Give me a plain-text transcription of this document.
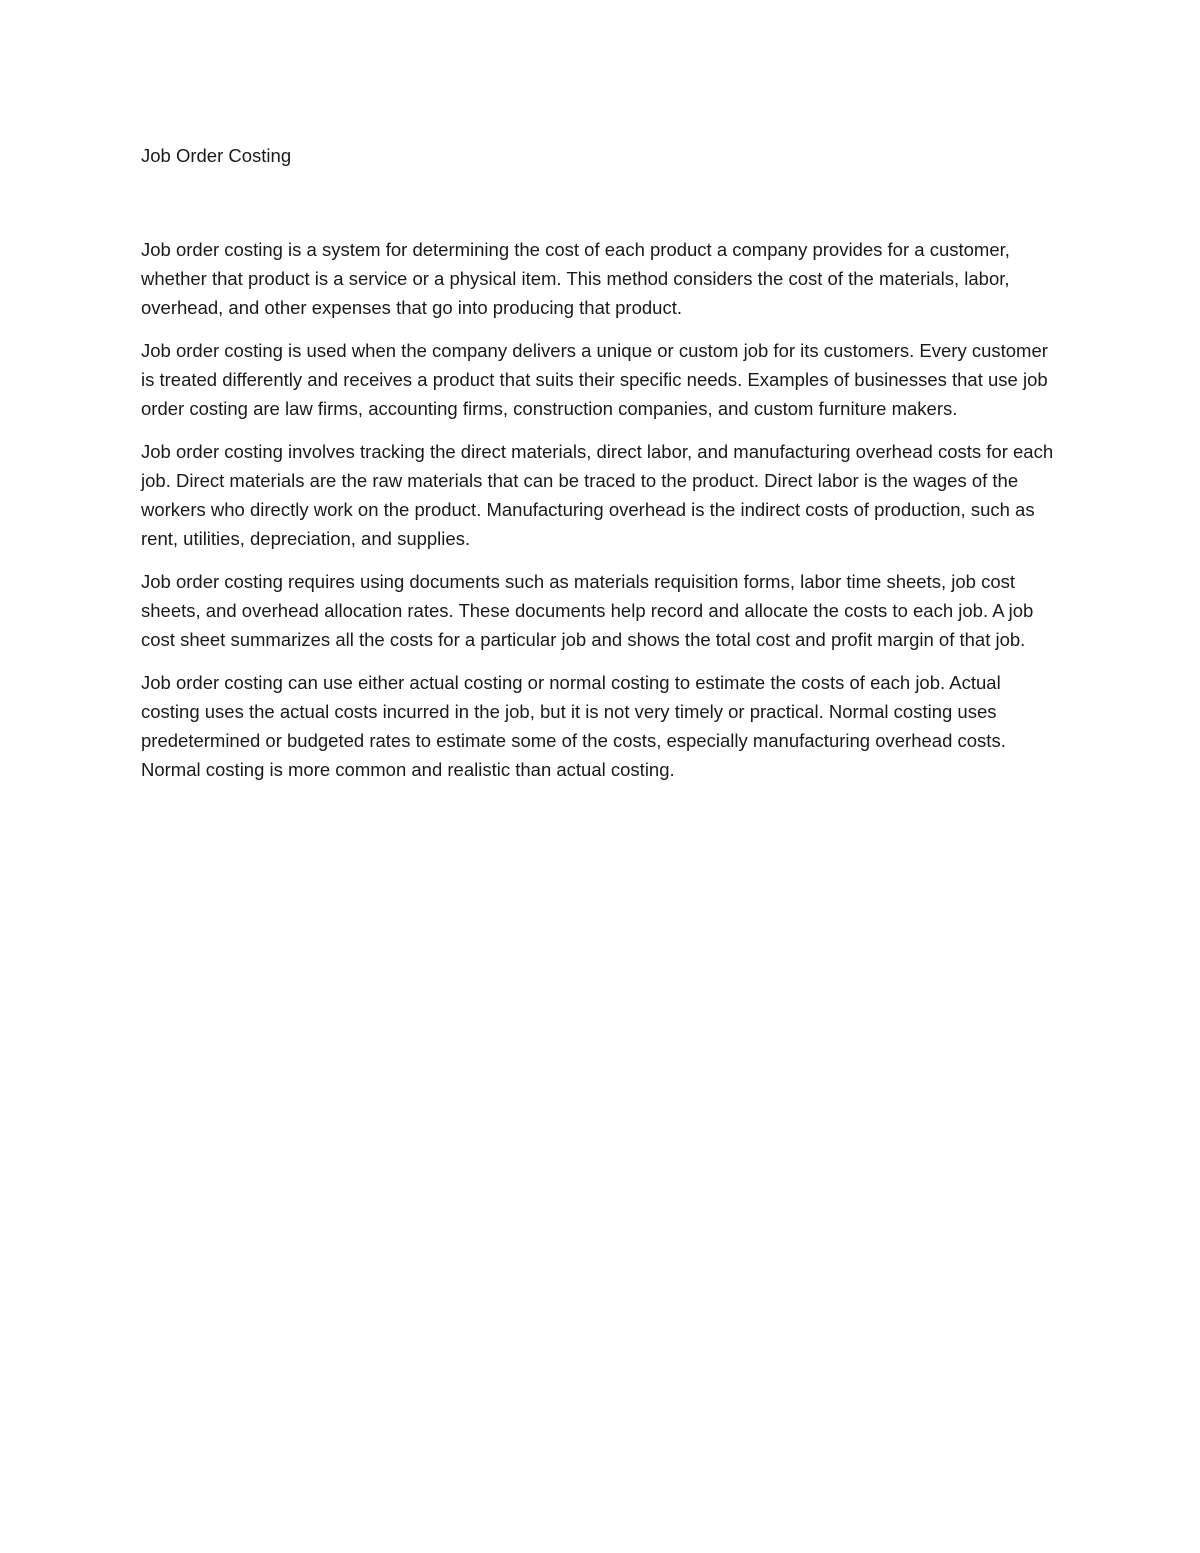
Job Order Costing

Job order costing is a system for determining the cost of each product a company provides for a customer, whether that product is a service or a physical item. This method considers the cost of the materials, labor, overhead, and other expenses that go into producing that product.

Job order costing is used when the company delivers a unique or custom job for its customers. Every customer is treated differently and receives a product that suits their specific needs. Examples of businesses that use job order costing are law firms, accounting firms, construction companies, and custom furniture makers.

Job order costing involves tracking the direct materials, direct labor, and manufacturing overhead costs for each job. Direct materials are the raw materials that can be traced to the product. Direct labor is the wages of the workers who directly work on the product. Manufacturing overhead is the indirect costs of production, such as rent, utilities, depreciation, and supplies.

Job order costing requires using documents such as materials requisition forms, labor time sheets, job cost sheets, and overhead allocation rates. These documents help record and allocate the costs to each job. A job cost sheet summarizes all the costs for a particular job and shows the total cost and profit margin of that job.

Job order costing can use either actual costing or normal costing to estimate the costs of each job. Actual costing uses the actual costs incurred in the job, but it is not very timely or practical. Normal costing uses predetermined or budgeted rates to estimate some of the costs, especially manufacturing overhead costs. Normal costing is more common and realistic than actual costing.
